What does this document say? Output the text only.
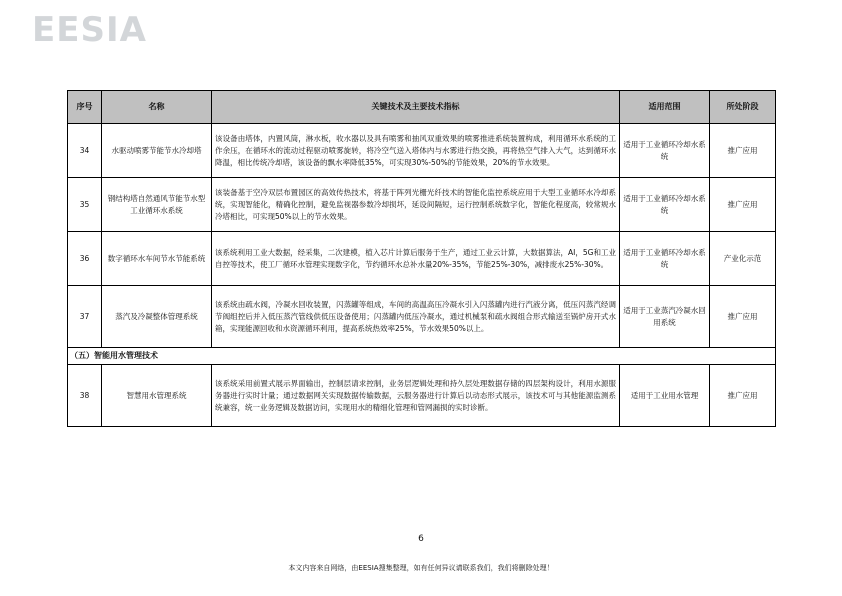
EESIA
序号	名称	关键技术及主要技术指标	适用范围	所处阶段
34	水驱动喷雾节能节水冷却塔	该设备由塔体，内置风筒，淋水板，收水器以及具有喷雾和抽风双重效果的喷雾推进系统装置构成，利用循环水系统的工作余压，在循环水的流动过程驱动喷雾旋转，将冷空气送入塔体内与水雾进行热交换，再将热空气排入大气，达到循环水降温，相比传统冷却塔，该设备的飘水率降低35%，可实现30%-50%的节能效果，20%的节水效果。	适用于工业循环冷却水系统	推广应用
35	钢结构塔自然通风节能节水型工业循环水系统	该装备基于空冷双层布置园区的高效传热技术，将基于阵列光栅光纤技术的智能化监控系统应用于大型工业循环水冷却系统，实现智能化，精确化控制，避免监视器参数冷却损坏，延设间隔短，运行控制系统数字化，智能化程度高，较常规水冷塔相比，可实现50%以上的节水效果。	适用于工业循环冷却水系统	推广应用
36	数字循环水车间节水节能系统	该系统利用工业大数据，经采集，二次建模，植入芯片计算后服务于生产，通过工业云计算，大数据算法，AI，5G和工业自控等技术，使工厂循环水管理实现数字化，节约循环水总补水量20%-35%，节能25%-30%，减排废水25%-30%。	适用于工业循环冷却水系统	产业化示范
37	蒸汽及冷凝整体管理系统	该系统由疏水阀，冷凝水回收装置，闪蒸罐等组成，车间的高温高压冷凝水引入闪蒸罐内进行汽液分离，低压闪蒸汽经调节阀组控后并入低压蒸汽管线供低压设备使用；闪蒸罐内低压冷凝水，通过机械泵和疏水阀组合形式输送至锅炉房开式水箱，实现能源回收和水资源循环利用，提高系统热效率25%，节水效果50%以上。	适用于工业蒸汽冷凝水回用系统	推广应用
（五）智能用水管理技术				
38	智慧用水管理系统	该系统采用前置式展示界面输出，控制层请求控制，业务层逻辑处理和持久层处理数据存储的四层架构设计，利用水源服务器进行实时计量；通过数据网关实现数据传输数据，云服务器进行计算后以动态形式展示，该技术可与其他能源监测系统兼容，统一业务逻辑及数据访问，实现用水的精细化管理和管网漏损的实时诊断。	适用于工业用水管理	推广应用
6
本文内容来自网络，由EESIA搜集整理，如有任何异议请联系我们，我们将删除处理！
